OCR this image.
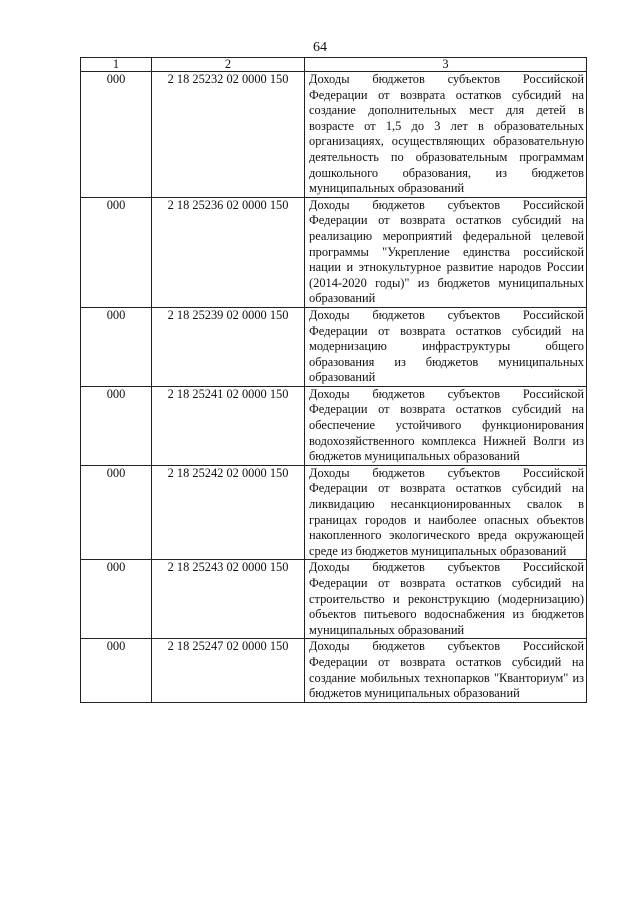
64
1	2	3
000	2 18 25232 02 0000 150	Доходы бюджетов субъектов Российской Федерации от возврата остатков субсидий на создание дополнительных мест для детей в возрасте от 1,5 до 3 лет в образовательных организациях, осуществляющих образовательную деятельность по образовательным программам дошкольного образования, из бюджетов муниципальных образований
000	2 18 25236 02 0000 150	Доходы бюджетов субъектов Российской Федерации от возврата остатков субсидий на реализацию мероприятий федеральной целевой программы "Укрепление единства российской нации и этнокультурное развитие народов России (2014-2020 годы)" из бюджетов муниципальных образований
000	2 18 25239 02 0000 150	Доходы бюджетов субъектов Российской Федерации от возврата остатков субсидий на модернизацию инфраструктуры общего образования из бюджетов муниципальных образований
000	2 18 25241 02 0000 150	Доходы бюджетов субъектов Российской Федерации от возврата остатков субсидий на обеспечение устойчивого функционирования водохозяйственного комплекса Нижней Волги из бюджетов муниципальных образований
000	2 18 25242 02 0000 150	Доходы бюджетов субъектов Российской Федерации от возврата остатков субсидий на ликвидацию несанкционированных свалок в границах городов и наиболее опасных объектов накопленного экологического вреда окружающей среде из бюджетов муниципальных образований
000	2 18 25243 02 0000 150	Доходы бюджетов субъектов Российской Федерации от возврата остатков субсидий на строительство и реконструкцию (модернизацию) объектов питьевого водоснабжения из бюджетов муниципальных образований
000	2 18 25247 02 0000 150	Доходы бюджетов субъектов Российской Федерации от возврата остатков субсидий на создание мобильных технопарков "Кванториум" из бюджетов муниципальных образований
